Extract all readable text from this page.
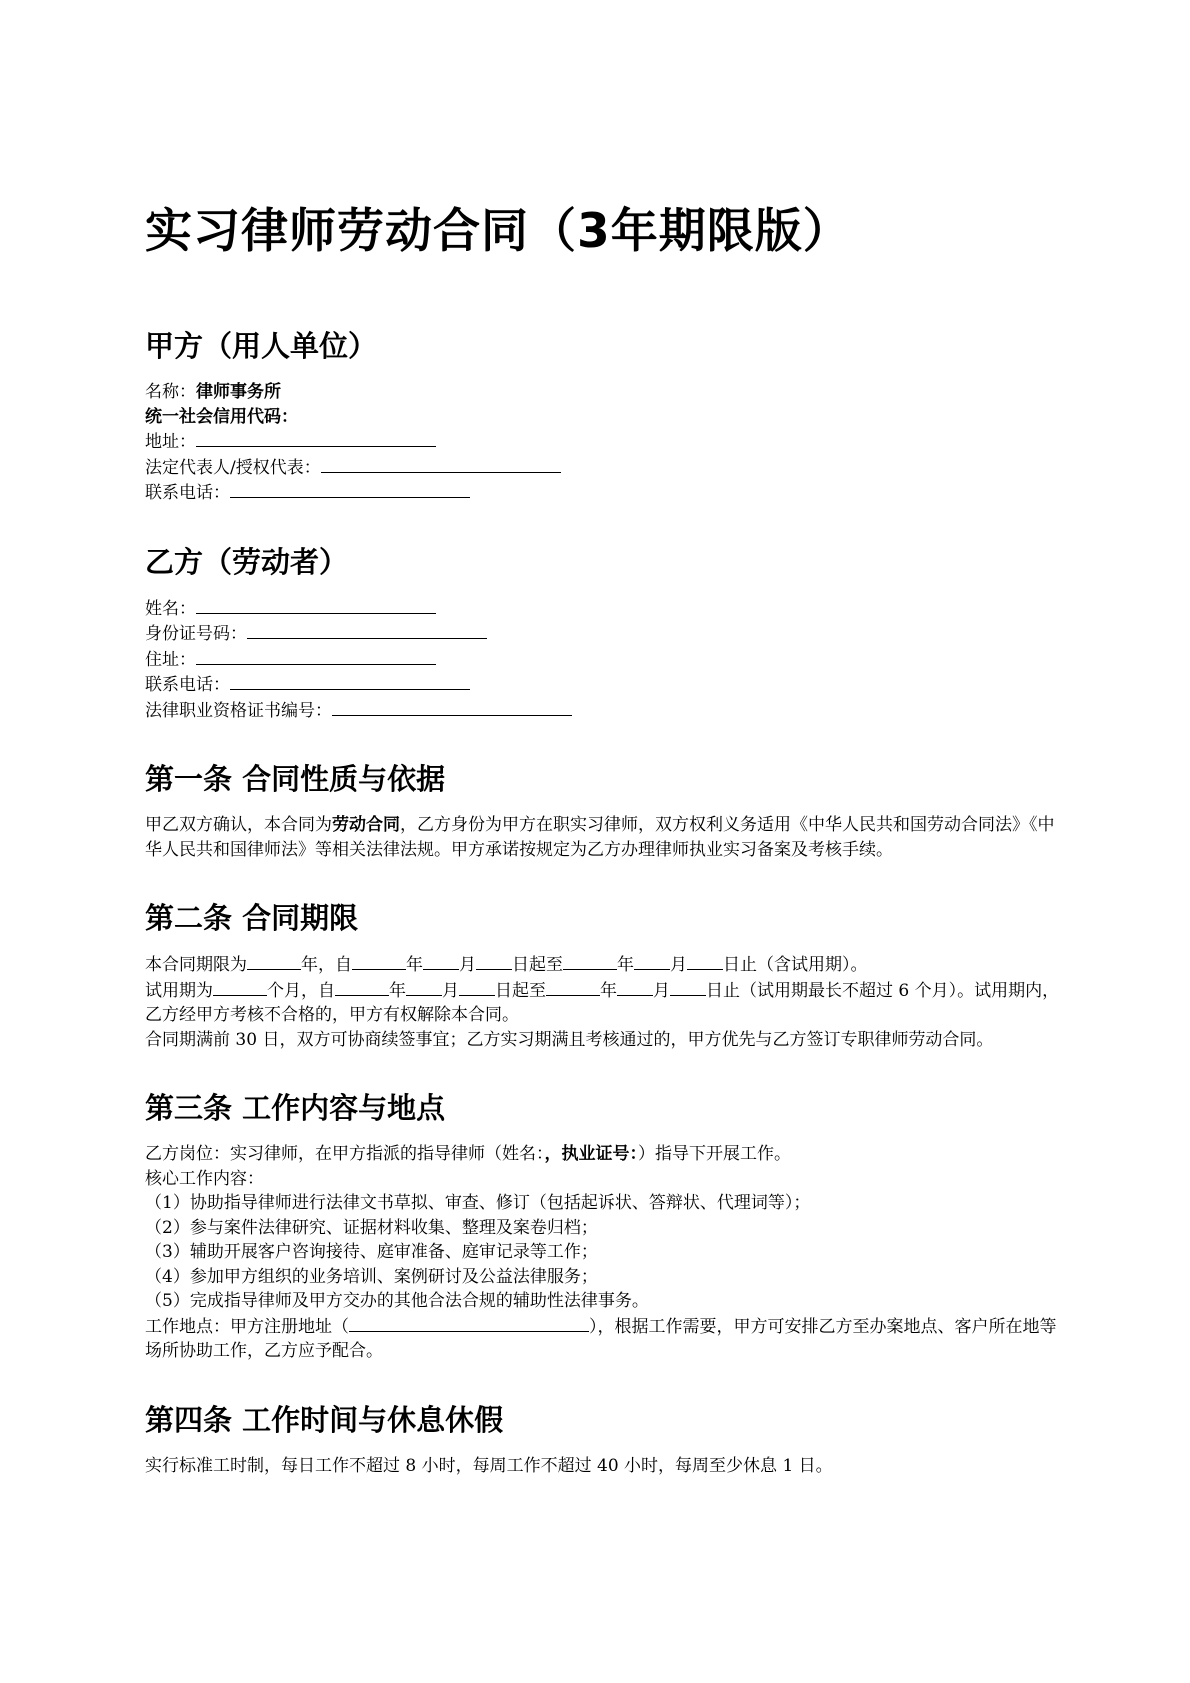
实习律师劳动合同（3年期限版）
甲方（用人单位）

名称：律师事务所

统一社会信用代码：

地址：

法定代表人/授权代表：

联系电话：

乙方（劳动者）

姓名：

身份证号码：

住址：

联系电话：

法律职业资格证书编号：

第一条 合同性质与依据

甲乙双方确认，本合同为劳动合同，乙方身份为甲方在职实习律师，双方权利义务适用《中华人民共和国劳动合同法》《中华人民共和国律师法》等相关法律法规。甲方承诺按规定为乙方办理律师执业实习备案及考核手续。

第二条 合同期限

本合同期限为	年，自	年 月 日起至	年 月 日止（含试用期）。

试用期为	个月，自	年 月 日起至	年 月 日止（试用期最长不超过 6 个月）。试用期内，乙方经甲方考核不合格的，甲方有权解除本合同。

合同期满前 30 日，双方可协商续签事宜；乙方实习期满且考核通过的，甲方优先与乙方签订专职律师劳动合同。

第三条 工作内容与地点

乙方岗位：实习律师，在甲方指派的指导律师（姓名：，执业证号：）指导下开展工作。

核心工作内容：

（1）协助指导律师进行法律文书草拟、审查、修订（包括起诉状、答辩状、代理词等）；

（2）参与案件法律研究、证据材料收集、整理及案卷归档；

（3）辅助开展客户咨询接待、庭审准备、庭审记录等工作；

（4）参加甲方组织的业务培训、案例研讨及公益法律服务；

（5）完成指导律师及甲方交办的其他合法合规的辅助性法律事务。

工作地点：甲方注册地址（	），根据工作需要，甲方可安排乙方至办案地点、客户所在地等场所协助工作，乙方应予配合。

第四条 工作时间与休息休假

实行标准工时制，每日工作不超过 8 小时，每周工作不超过 40 小时，每周至少休息 1 日。
